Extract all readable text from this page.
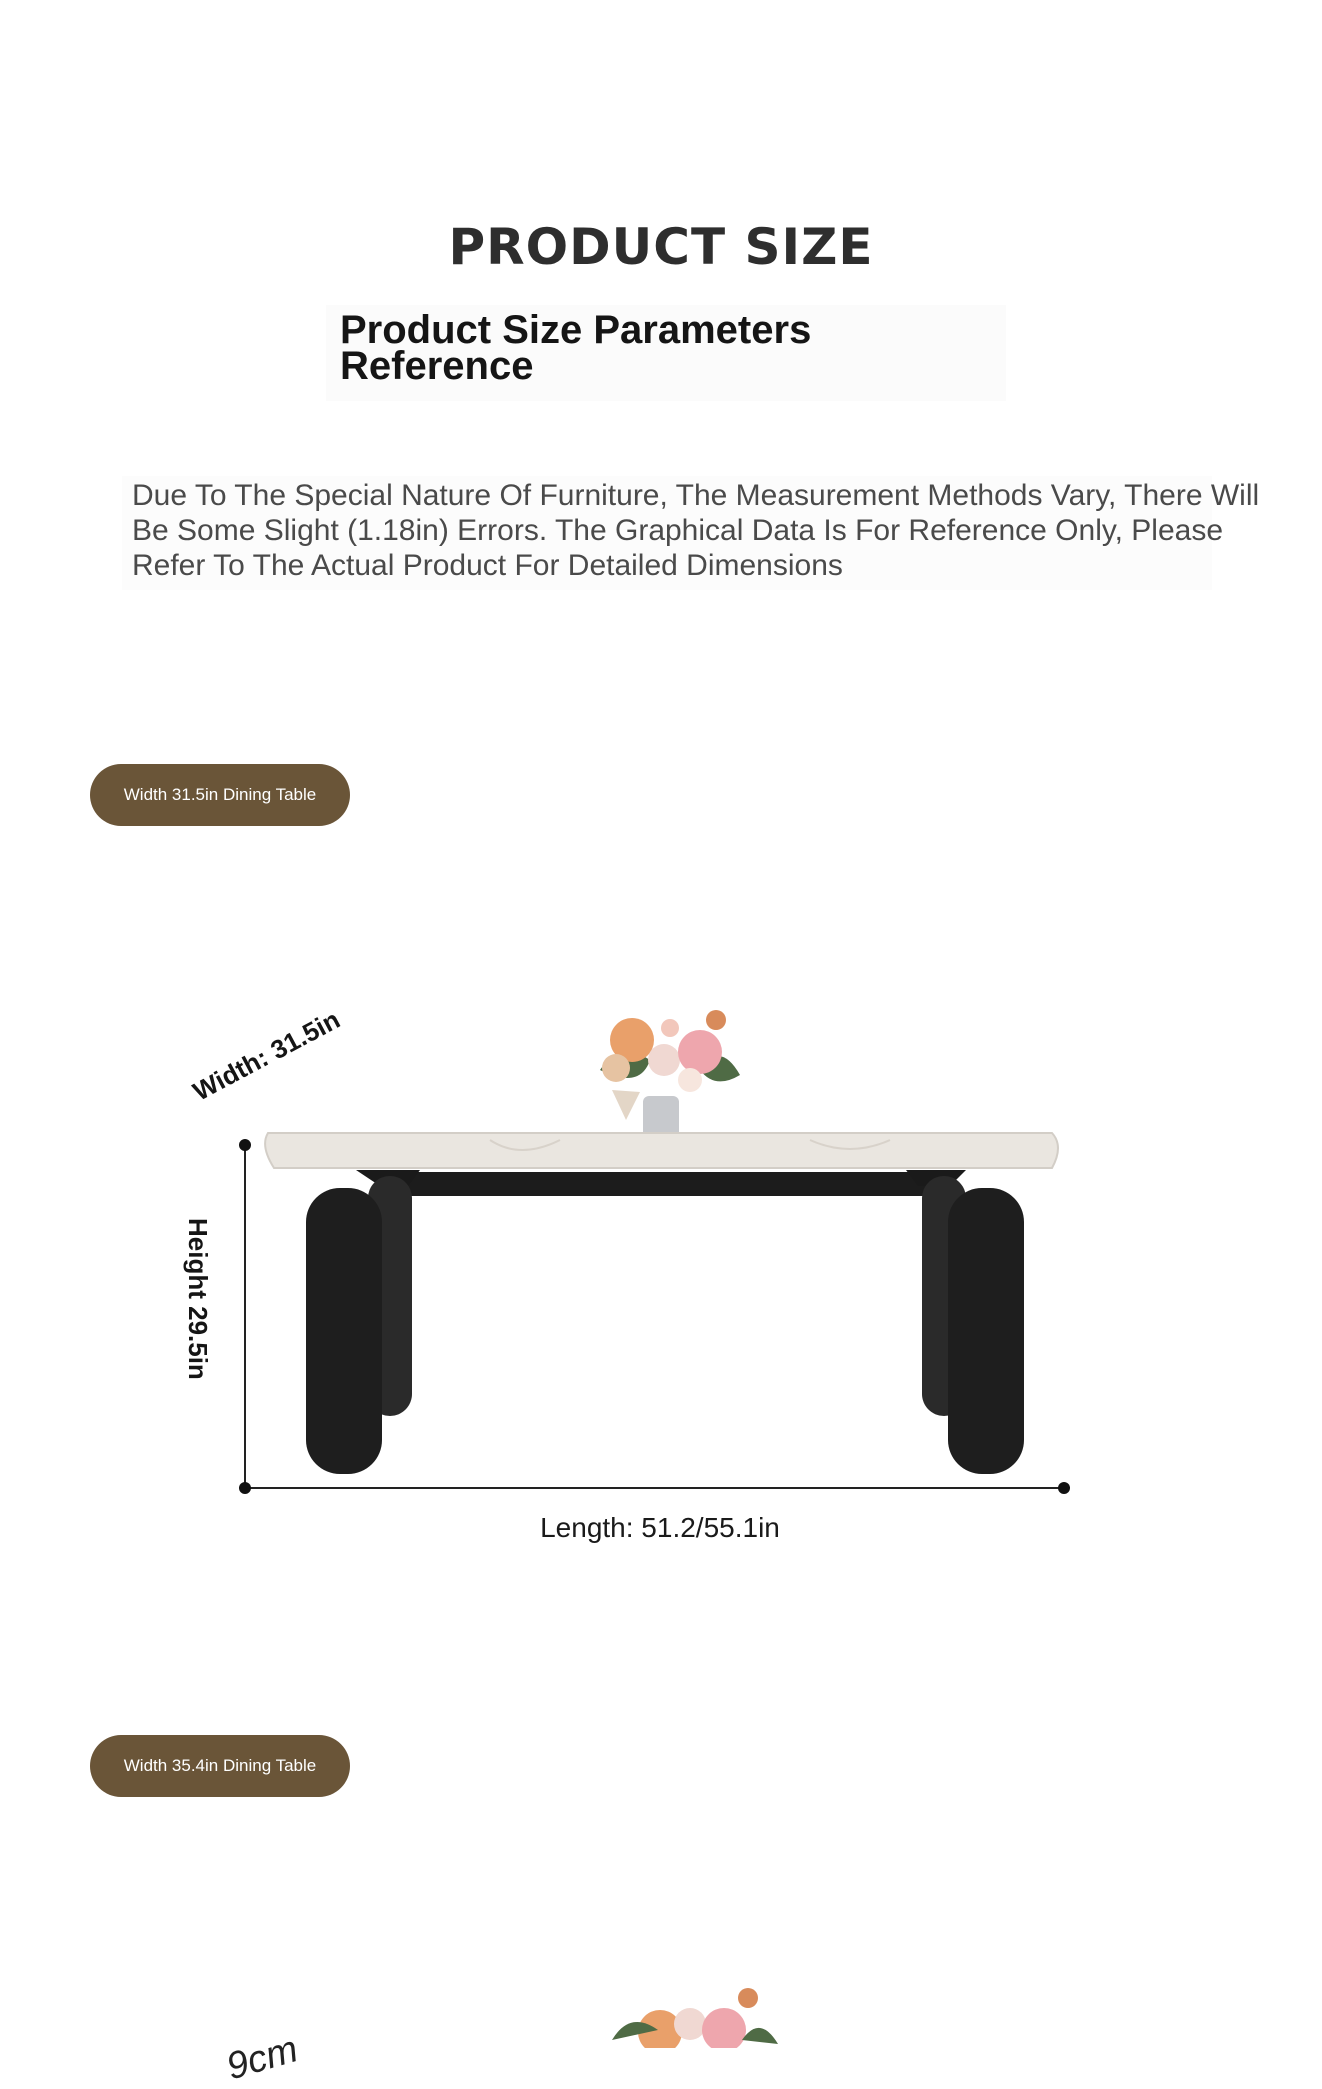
PRODUCT SIZE
Product Size Parameters Reference
Due To The Special Nature Of Furniture, The Measurement Methods Vary, There Will Be Some Slight (1.18in) Errors. The Graphical Data Is For Reference Only, Please Refer To The Actual Product For Detailed Dimensions
Width 31.5in Dining Table
Width: 31.5in
Height 29.5in
Length: 51.2/55.1in
Width 35.4in Dining Table
9cm
